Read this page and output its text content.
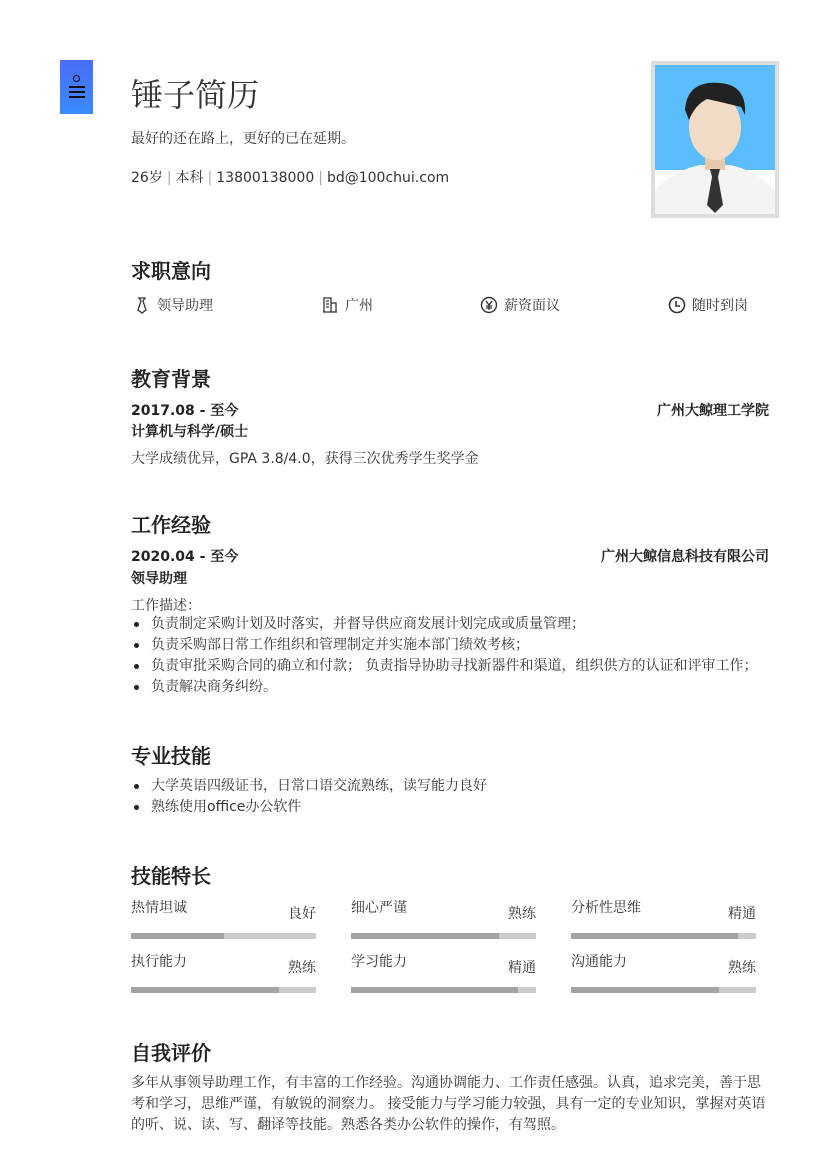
锤子简历
最好的还在路上，更好的已在延期。
26岁 | 本科 | 13800138000 | bd@100chui.com
求职意向
领导助理	广州	薪资面议	随时到岗
教育背景
2017.08 - 至今	广州大鲸理工学院
计算机与科学/硕士
大学成绩优异，GPA 3.8/4.0，获得三次优秀学生奖学金
工作经验
2020.04 - 至今	广州大鲸信息科技有限公司
领导助理
工作描述：
负责制定采购计划及时落实，并督导供应商发展计划完成或质量管理；
负责采购部日常工作组织和管理制定并实施本部门绩效考核；
负责审批采购合同的确立和付款； 负责指导协助寻找新器件和渠道，组织供方的认证和评审工作；
负责解决商务纠纷。
专业技能
大学英语四级证书，日常口语交流熟练，读写能力良好
熟练使用office办公软件
技能特长
热情坦诚	良好	细心严谨	熟练	分析性思维	精通
执行能力	熟练	学习能力	精通	沟通能力	熟练
自我评价
多年从事领导助理工作，有丰富的工作经验。沟通协调能力、工作责任感强。认真，追求完美，善于思考和学习，思维严谨，有敏锐的洞察力。 接受能力与学习能力较强，具有一定的专业知识，掌握对英语的听、说、读、写、翻译等技能。熟悉各类办公软件的操作，有驾照。
